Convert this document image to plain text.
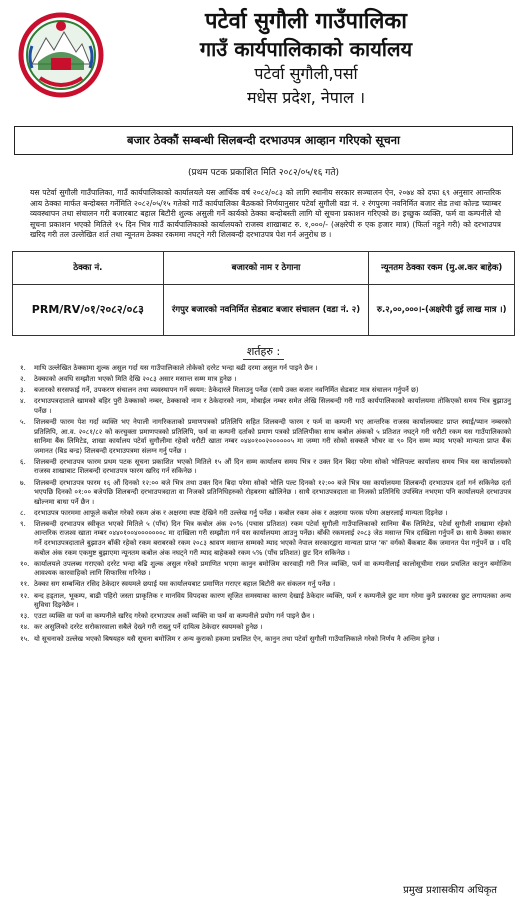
पटेर्वा सुगौली गाउँपालिका
गाउँ कार्यपालिकाको कार्यालय
पटेर्वा सुगौली,पर्सा
मधेस प्रदेश, नेपाल ।
बजार ठेक्कौं सम्बन्धी सिलबन्दी दरभाउपत्र आव्हान गरिएको सूचना
(प्रथम पटक प्रकाशित मिति २०८२/०५/१६ गते)

यस पटेर्वा सुगौली गाउँपालिका, गाउँ कार्यपालिकाको कार्यालयले यस आर्थिक वर्ष २०८२/०८३ को लागि स्थानीय सरकार सञ्चालन ऐन, २०७४ को दफा ६९ अनुसार आन्तरिक आय ठेक्का मार्फत बन्दोबस्त गर्नेमिति २०८२/०५/१५ गतेको गाउँ कार्यपालिका बैठकको निर्णयानुसार पटेर्वा सुगौली वडा नं. २ रंगपुरमा नवनिर्मित बजार सेड तथा कोल्ड च्याम्बर व्यवस्थापन तथा संचालन गरी बजारबाट बहाल बिटौरी शुल्क असुली गर्ने कार्यको ठेक्का बन्दोबस्ती लागि यो सूचना प्रकाशन गरिएको छ। इच्छुक व्यक्ति, फर्म वा कम्पनीले यो सूचना प्रकाशन भएको मितिले १५ दिन भित्र गाउँ कार्यपालिकाको कार्यालयको राजस्व शाखाबाट रु. १,०००/- (अक्षरेपी रु एक हजार मात्र) (फिर्ता नहुने गरी) को दरभाउपत्र खरिद गरी तल उल्लेखित शर्त तथा न्यूनतम ठेक्का रकममा नघट्ने गरी शिलबन्दी दरभाउपत्र पेश गर्न अनुरोध छ ।

ठेक्का नं.	बजारको नाम र ठेगाना	न्यूनतम ठेक्का रकम (मु.अ.कर बाहेक)
PRM/RV/०१/२०८२/०८३	रंगपुर बजारको नवनिर्मित सेडबाट बजार संचालन (वडा नं. २)	रु.२,००,०००।-(अक्षरेपी दुई लाख मात्र ।)
शर्तहरु :
१.	माथि उल्लेखित ठेक्कामा शुल्क असुल गर्दा यस गाउँपालिकाले तोकेको दररेट भन्दा बढी दरमा असुल गर्न पाइने छैन ।
२.	ठेक्काको अवधि सम्झौता भएको मिति देखि २०८३ असार मसान्त सम्म मात्र हुनेछ ।
३.	बजारको सरसफाई गर्ने, उपकरण संचालन तथा व्यवस्थापन गर्ने स्वयम: ठेकेदारले मिलाउनु पर्नेछ (साथै उक्त बजार नवनिर्मित सेडबाट मात्र संचालन गर्नुपर्ने छ)
४.	दरभाउपत्रदाताले खामको बहिर पुरी ठेक्काको नम्बर, ठेक्काको नाम र ठेकेदारको नाम, मोबाईल नम्बर समेत लेखि सिलबन्दी गरी गाउँ कार्यपालिकाको कार्यालयमा तोकिएको समय भित्र बुझाउनु पर्नेछ ।
५.	शिलबन्दी फारम पेश गर्दा व्यक्ति भए नेपाली नागरिकताको प्रमाणपत्रको प्रतिलिपि सहित शिलबन्दी फारम र फर्म वा कम्पनी भए आन्तरिक राजस्व कार्यालयबाट प्राप्त स्थाई/प्यान नम्बरको प्रतिलिपि, आ.व. २०८१/८२ को करचुक्ता प्रमाणपत्रको प्रतिलिपि, फर्म वा कम्पनी दर्ताको प्रमाण पत्रको प्रतिलिपीका साथ कबोल अंकको ५ प्रतिशत नघट्ने गरी धरौटी रकम यस गाउँपालिकाको सानिमा बैंक लिमिटेड, शाखा कार्यालय पटेर्वा सुगौलीमा रहेको धरौटी खाता नम्बर ०४४०१००२००००००५ मा जम्मा गरी सोको सक्कलै भौचर वा ९० दिन सम्म म्याद भएको मान्यता प्राप्त बैंक जमानत (बिड बन्ड) शिलबन्दी दरभाउपत्रमा संलग्न गर्नु पर्नेछ ।
६.	शिलबन्दी दरभाउपत्र फारम प्रथम पटक सूचना प्रकाशित भएको मितिले १५ औं दिन सम्म कार्यालय समय भित्र र उक्त दिन बिदा परेमा सोको भोलिपल्ट कार्यालय समय भित्र यस कार्यालयको राजस्व शाखाबाट शिलबन्दी दरभाउपत्र फारम खरिद गर्न सकिनेछ ।
७.	शिलबन्दी दरभाउपत्र फारम १६ औं दिनको १२:०० बजे भित्र तथा उक्त दिन बिदा परेमा सोको भोलि पल्ट दिनको १२:०० बजे भित्र यस कार्यालयमा शिलबन्दी दरभाउपत्र दर्ता गर्न सकिनेछ दर्ता भएपछि दिनको ०१:०० बजेपछि शिलबन्दी दरभाउपत्रदाता वा निजको प्रतिनिधिहरुको रोहबरमा खोलिनेछ । साथै दरभाउपत्रदाता वा निजको प्रतिनिधि उपस्थित नभएमा पनि कार्यालयले दरभाउपत्र खोल्नमा बाधा पर्ने छैन ।
८.	दरभाउपत्र फारममा आफूले कबोल गरेको रकम अंक र अक्षरमा स्पष्ट देखिने गरी उल्लेख गर्नु पर्नेछ । कबोल रकम अंक र अक्षरमा फरक परेमा अक्षरलाई मान्यता दिइनेछ ।
९.	शिलबन्दी दरभाउपत्र स्वीकृत भएको मितिले ५ (पाँच) दिन भित्र कबोल अंक २०% (पचास प्रतिशत) रकम पटेर्वा सुगौली गाउँपालिकाको सानिमा बैंक लिमिटेड, पटेर्वा सुगौली शाखामा रहेको आन्तरिक राजश्व खाता नम्बर ०४४०१००४०००००००८ मा दाखिला गरी सम्झौता गर्न यस कार्यालयमा आउनु पर्नेछ। बाँकी रकमलाई २०८३ जेठ मसान्त भित्र दाखिला गर्नुपर्ने छ। साथै ठेक्का सकार गर्ने दरभाउपत्रदाताले बुझाउन बाँकी रहेको रकम बराबरको रकम २०८३ श्रावण मसान्त सम्मको म्याद भएको नेपाल सरकारद्वारा मान्यता प्राप्त 'क' वर्गको बैंकबाट बैंक जमानत पेश गर्नुपर्ने छ । यदि कबोल अंक रकम एकमुष्ट बुझाएमा न्यूनतम कबोल अंक नघट्ने गरी म्याद बाहेकको रकम ५% (पाँच प्रतिशत) छुट दिन सकिनेछ ।
१०. कार्यालयले उपलब्ध गराएको दररेट भन्दा बढि शुल्क असुल गरेको प्रमाणित भएमा कानुन बमोजिम कारवाही गरी निज व्यक्ति, फर्म वा कम्पनीलाई कालोसूचीमा राख्न प्रचलित कानुन बमोजिम आवश्यक कारवाहिको लागि सिफारिस गरिनेछ ।
११. ठेक्का सग सम्बन्धित रसिद ठेकेदार स्वयमले छपाई यस कार्यालयबाट प्रमाणित गराएर बहाल बिटौरी कर संकलन गर्नु पर्नेछ ।
१२. बन्द हड्ताल, भूकम्प, बाढी पहिरो जस्ता प्राकृतिक र मानविय विपदका कारण सृजित समस्याका कारण देखाई ठेकेदार व्यक्ति, फर्म र कम्पनीले छुट माग गरेमा कुनै प्रकारका छुट लगायतका अन्य सुविधा दिइनेछैन ।
१३. एउटा व्यक्ति वा फर्म वा कम्पनीले खरिद गरेको दरभाउपत्र अर्को व्यक्ति वा फर्म वा कम्पनीले प्रयोग गर्न पाइने छैन ।
१४. कर असुलिको दररेट सरोकारवाला सबैले देख्ने गरी राख्नु पर्ने दायित्व ठेकेदार स्वयमको हुनेछ ।
१५. यो सूचनाको उल्लेख भएको बिषयहरु यसै सूचना बमोजिम र अन्य कुराको हकमा प्रचलित ऐन, कानुन तथा पटेर्वा सुगौली गाउँपालिकाले गरेको निर्णय नै अन्तिम हुनेछ ।
प्रमुख प्रशासकीय अधिकृत
